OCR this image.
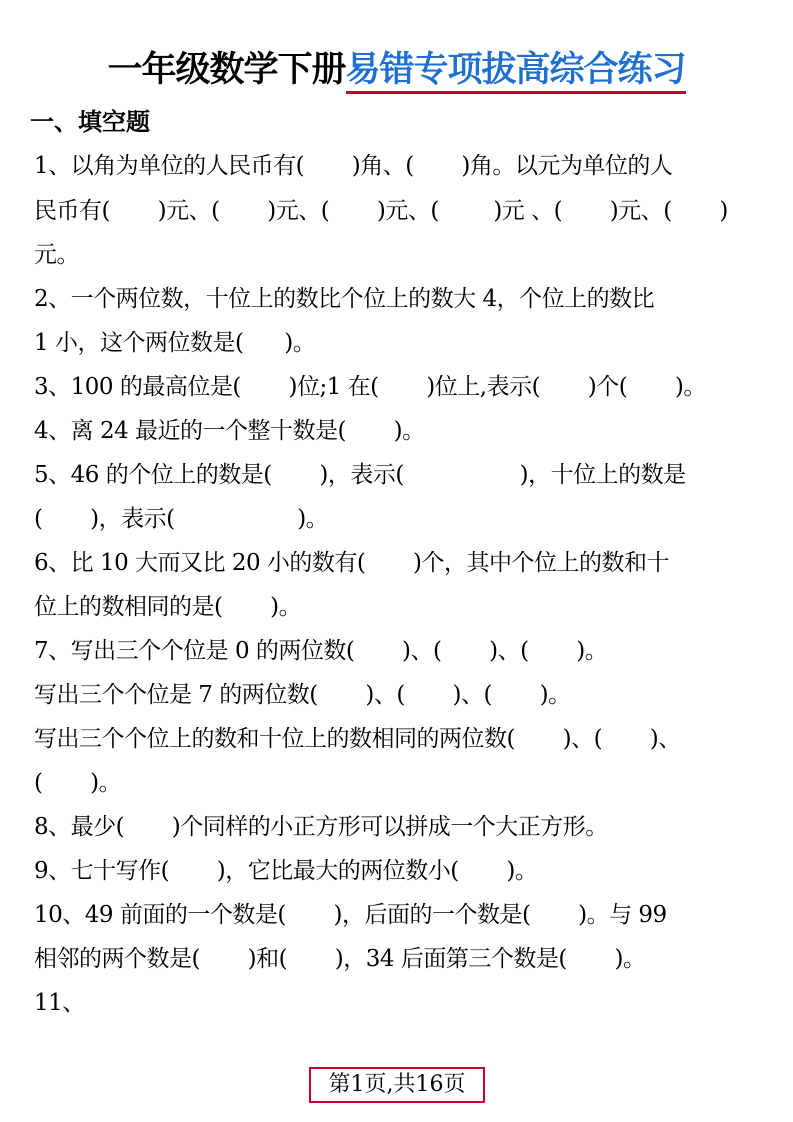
一年级数学下册易错专项拔高综合练习
一、填空题
1、以角为单位的人民币有(       )角、(       )角。以元为单位的人
民币有(       )元、(       )元、(       )元、(        )元 、(       )元、(       )
元。
2、一个两位数，十位上的数比个位上的数大 4，个位上的数比
1 小，这个两位数是(      )。
3、100 的最高位是(       )位;1 在(       )位上,表示(       )个(       )。
4、离 24 最近的一个整十数是(       )。
5、46 的个位上的数是(       )，表示(                 )，十位上的数是
(       )，表示(                  )。
6、比 10 大而又比 20 小的数有(       )个，其中个位上的数和十
位上的数相同的是(       )。
7、写出三个个位是 0 的两位数(       )、(       )、(       )。
写出三个个位是 7 的两位数(       )、(       )、(       )。
写出三个个位上的数和十位上的数相同的两位数(       )、(       )、
(       )。
8、最少(       )个同样的小正方形可以拼成一个大正方形。
9、七十写作(       )，它比最大的两位数小(       )。
10、49 前面的一个数是(       )，后面的一个数是(       )。与 99
相邻的两个数是(       )和(       )，34 后面第三个数是(       )。
11、
第1页,共16页
